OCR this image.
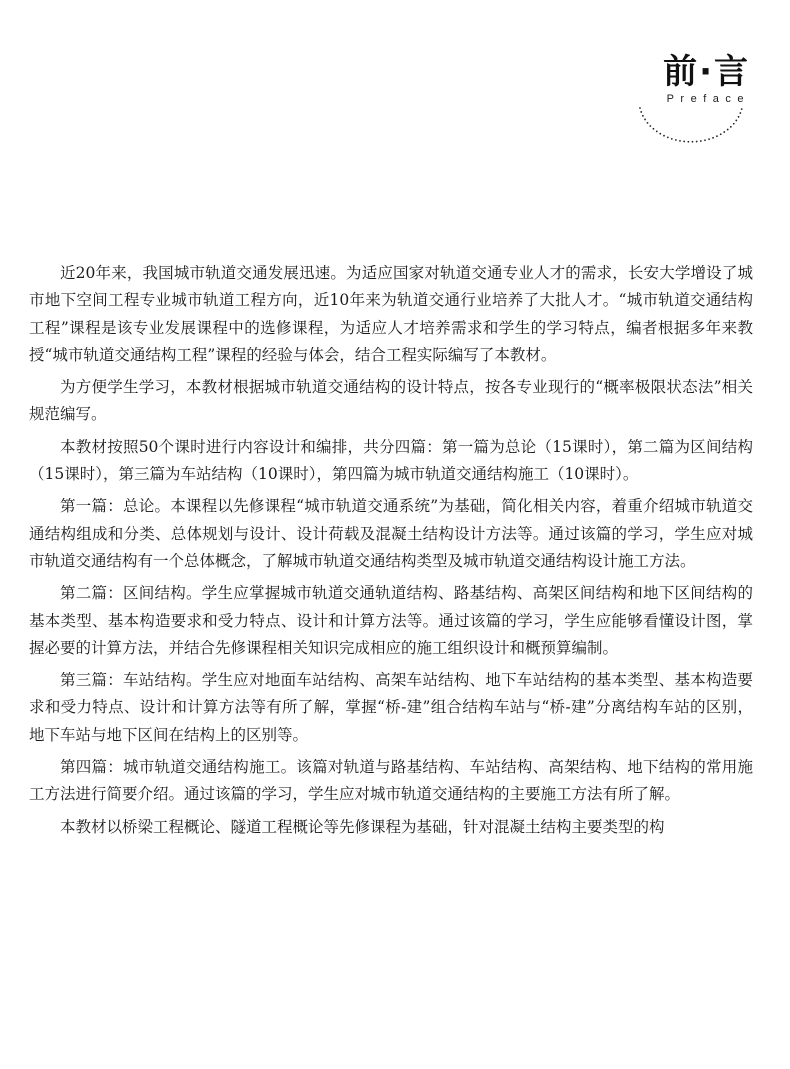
前·言
Preface

近20年来，我国城市轨道交通发展迅速。为适应国家对轨道交通专业人才的需求，长安大学增设了城市地下空间工程专业城市轨道工程方向，近10年来为轨道交通行业培养了大批人才。“城市轨道交通结构工程”课程是该专业发展课程中的选修课程，为适应人才培养需求和学生的学习特点，编者根据多年来教授“城市轨道交通结构工程”课程的经验与体会，结合工程实际编写了本教材。

为方便学生学习，本教材根据城市轨道交通结构的设计特点，按各专业现行的“概率极限状态法”相关规范编写。

本教材按照50个课时进行内容设计和编排，共分四篇：第一篇为总论（15课时），第二篇为区间结构（15课时），第三篇为车站结构（10课时），第四篇为城市轨道交通结构施工（10课时）。

第一篇：总论。本课程以先修课程“城市轨道交通系统”为基础，简化相关内容，着重介绍城市轨道交通结构组成和分类、总体规划与设计、设计荷载及混凝土结构设计方法等。通过该篇的学习，学生应对城市轨道交通结构有一个总体概念，了解城市轨道交通结构类型及城市轨道交通结构设计施工方法。

第二篇：区间结构。学生应掌握城市轨道交通轨道结构、路基结构、高架区间结构和地下区间结构的基本类型、基本构造要求和受力特点、设计和计算方法等。通过该篇的学习，学生应能够看懂设计图，掌握必要的计算方法，并结合先修课程相关知识完成相应的施工组织设计和概预算编制。

第三篇：车站结构。学生应对地面车站结构、高架车站结构、地下车站结构的基本类型、基本构造要求和受力特点、设计和计算方法等有所了解，掌握“桥-建”组合结构车站与“桥-建”分离结构车站的区别，地下车站与地下区间在结构上的区别等。

第四篇：城市轨道交通结构施工。该篇对轨道与路基结构、车站结构、高架结构、地下结构的常用施工方法进行简要介绍。通过该篇的学习，学生应对城市轨道交通结构的主要施工方法有所了解。

本教材以桥梁工程概论、隧道工程概论等先修课程为基础，针对混凝土结构主要类型的构
